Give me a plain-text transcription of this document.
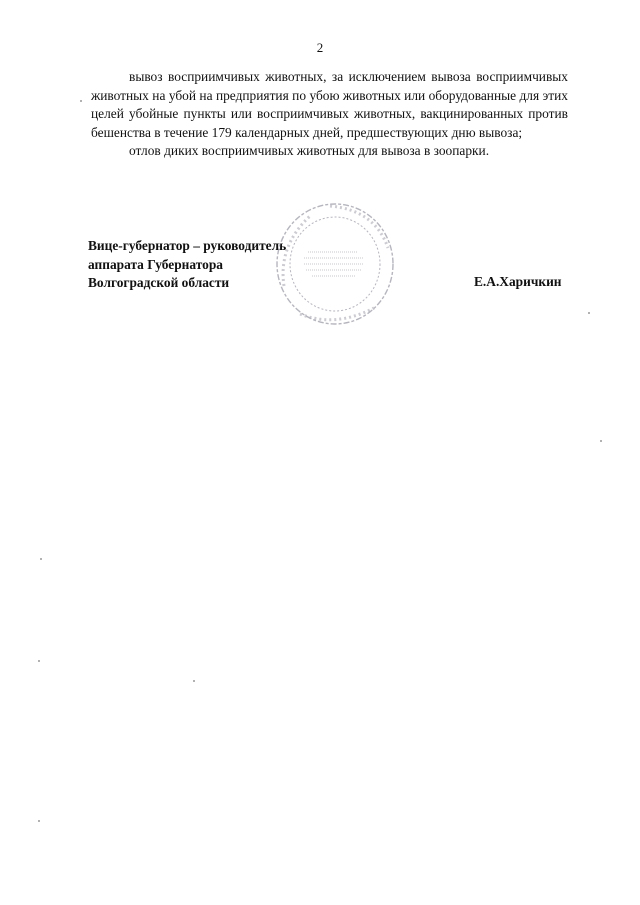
2

вывоз восприимчивых животных, за исключением вывоза восприимчивых животных на убой на предприятия по убою животных или оборудованные для этих целей убойные пункты или восприимчивых животных, вакцинированных против бешенства в течение 179 календарных дней, предшествующих дню вывоза;

отлов диких восприимчивых животных для вывоза в зоопарки.

Вице-губернатор – руководитель
аппарата Губернатора
Волгоградской области	Е.А.Харичкин
